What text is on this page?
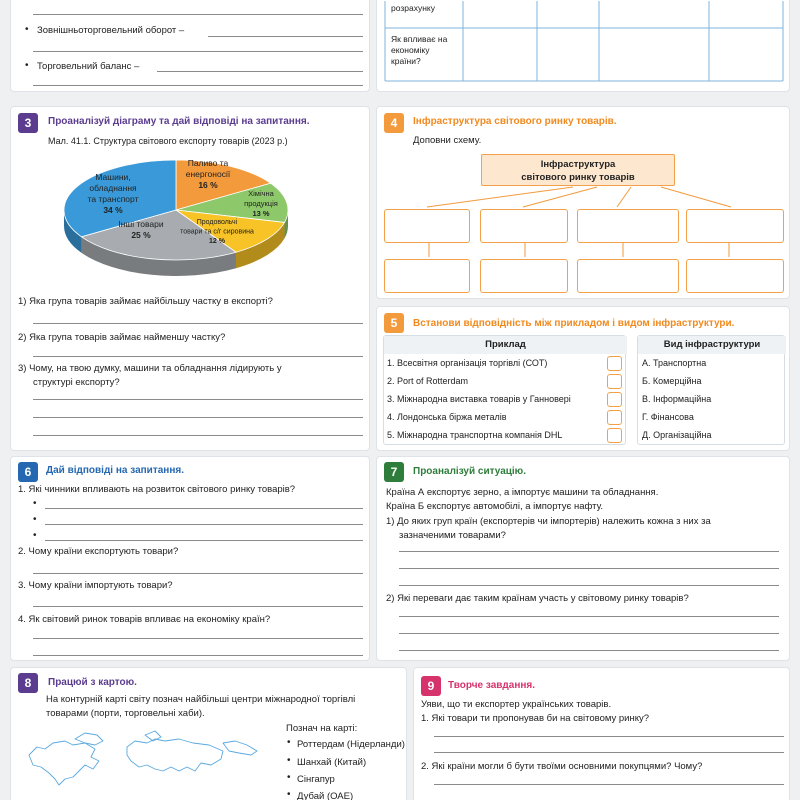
• Зовнішньоторговельний оборот –
• Торговельний баланс –
розрахунку
Як впливає на економіку країни?
3	Проаналізуй діаграму та дай відповіді на запитання.
Мал. 41.1. Структура світового експорту товарів (2023 р.)
Паливо та
енергоносії
16 %
Хімічна
продукція
13 %
Продовольчі
товари та с/г сировина
12 %
Інші товари
25 %
Машини,
обладнання
та транспорт
34 %
1) Яка група товарів займає найбільшу частку в експорті?
2) Яка група товарів займає найменшу частку?
3) Чому, на твою думку, машини та обладнання лідирують у
структурі експорту?
4	Інфраструктура світового ринку товарів.
Доповни схему.
Інфраструктура
світового ринку товарів
5	Встанови відповідність між прикладом і видом інфраструктури.
Приклад	Вид інфраструктури
1. Всесвітня організація торгівлі (СОТ)
2. Port of Rotterdam
3. Міжнародна виставка товарів у Ганновері
4. Лондонська біржа металів
5. Міжнародна транспортна компанія DHL
А. Транспортна
Б. Комерційна
В. Інформаційна
Г. Фінансова
Д. Організаційна
6	Дай відповіді на запитання.
1. Які чинники впливають на розвиток світового ринку товарів?
•
•
•
2. Чому країни експортують товари?
3. Чому країни імпортують товари?
4. Як світовий ринок товарів впливає на економіку країн?
7	Проаналізуй ситуацію.
Країна А експортує зерно, а імпортує машини та обладнання.
Країна Б експортує автомобілі, а імпортує нафту.
1) До яких груп країн (експортерів чи імпортерів) належить кожна з них за
зазначеними товарами?
2) Які переваги дає таким країнам участь у світовому ринку товарів?
8	Працюй з картою.
На контурній карті світу познач найбільші центри міжнародної торгівлі
товарами (порти, торговельні хаби).
Познач на карті:
• Роттердам (Нідерланди)
• Шанхай (Китай)
• Сінгапур
• Дубай (ОАЕ)
9	Творче завдання.
Уяви, що ти експортер українських товарів.
1. Які товари ти пропонував би на світовому ринку?
2. Які країни могли б бути твоїми основними покупцями? Чому?
